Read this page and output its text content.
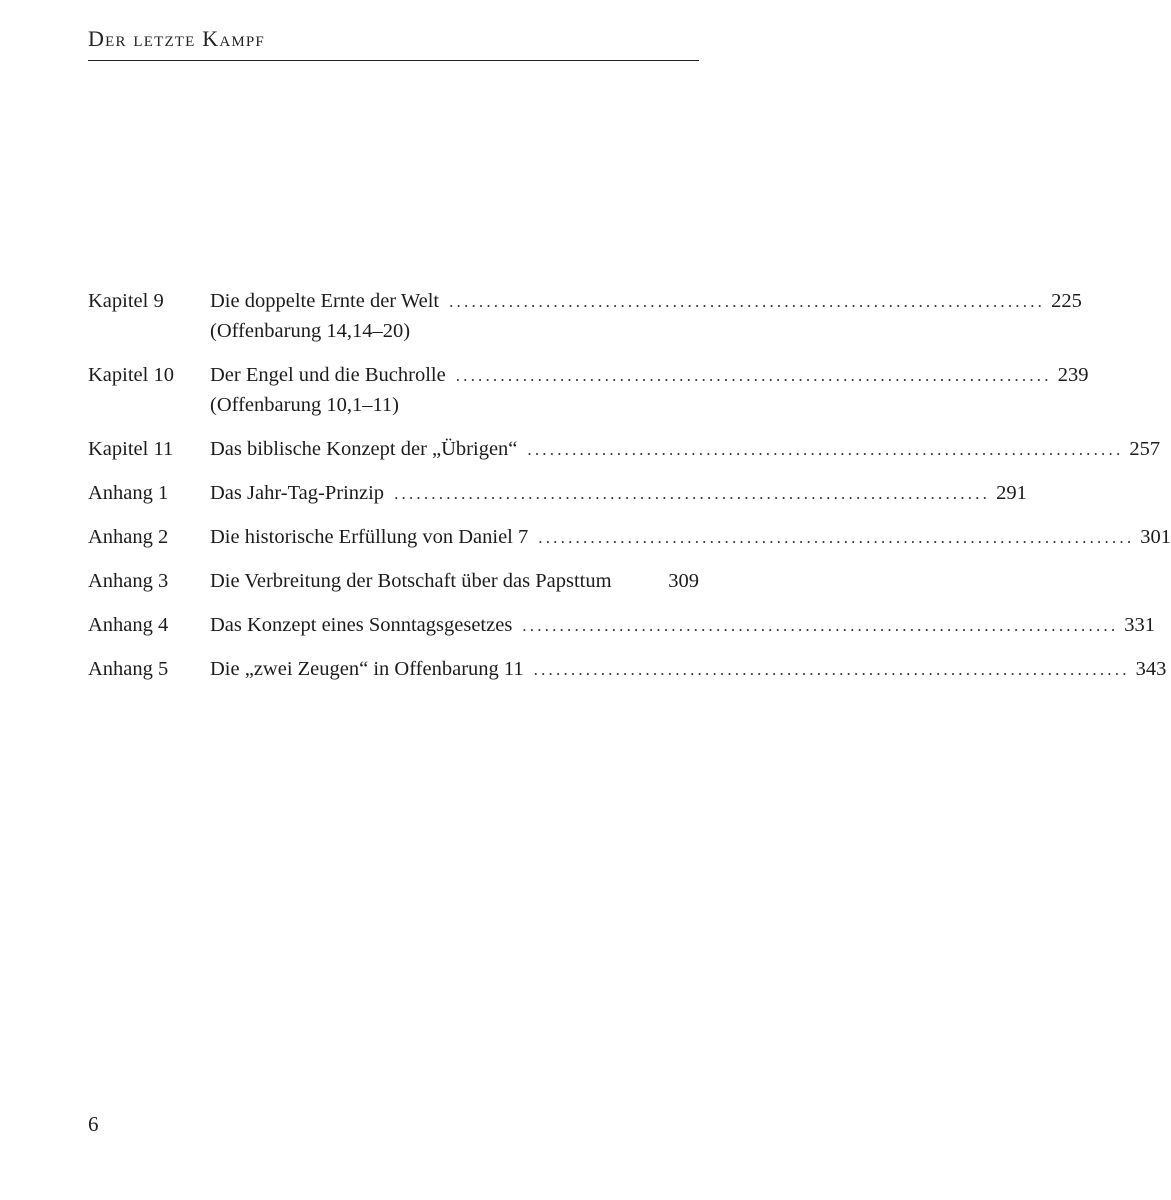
Der letzte Kampf
Kapitel 9 Die doppelte Ernte der Welt ................................................................................ 225
(Offenbarung 14,14–20)
Kapitel 10 Der Engel und die Buchrolle ................................................................................ 239
(Offenbarung 10,1–11)
Kapitel 11 Das biblische Konzept der „Übrigen“ ................................................................................ 257
Anhang 1 Das Jahr-Tag-Prinzip ................................................................................ 291
Anhang 2 Die historische Erfüllung von Daniel 7 ................................................................................ 301
Anhang 3 Die Verbreitung der Botschaft über das Papsttum	309
Anhang 4 Das Konzept eines Sonntagsgesetzes ................................................................................ 331
Anhang 5 Die „zwei Zeugen“ in Offenbarung 11 ................................................................................ 343
6
